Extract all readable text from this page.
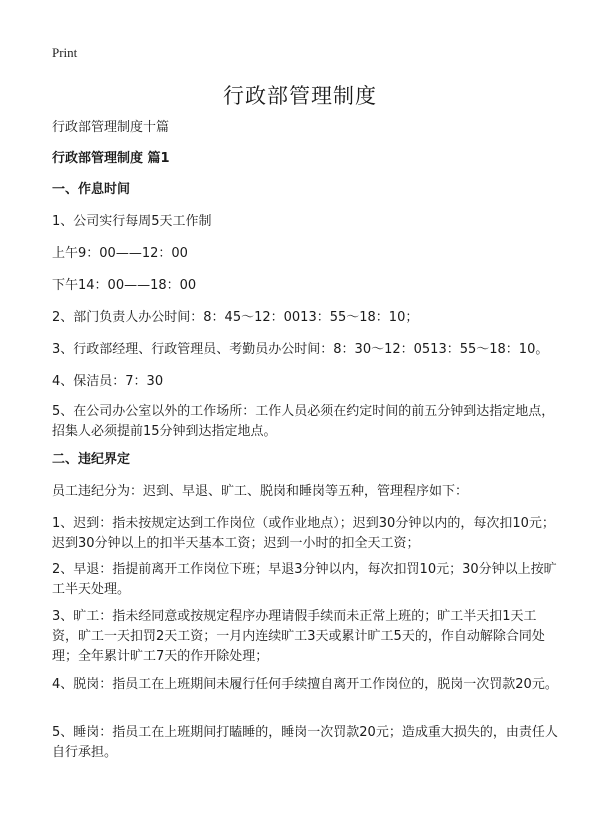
Print
行政部管理制度

行政部管理制度十篇

行政部管理制度 篇1

一、作息时间

1、公司实行每周5天工作制

上午9：00——12：00

下午14：00——18：00

2、部门负责人办公时间：8：45～12：0013：55～18：10；

3、行政部经理、行政管理员、考勤员办公时间：8：30～12：0513：55～18：10。

4、保洁员：7：30

5、在公司办公室以外的工作场所：工作人员必须在约定时间的前五分钟到达指定地点，招集人必须提前15分钟到达指定地点。

二、违纪界定

员工违纪分为：迟到、早退、旷工、脱岗和睡岗等五种，管理程序如下：

1、迟到：指未按规定达到工作岗位（或作业地点）；迟到30分钟以内的，每次扣10元；迟到30分钟以上的扣半天基本工资；迟到一小时的扣全天工资；

2、早退：指提前离开工作岗位下班；早退3分钟以内，每次扣罚10元；30分钟以上按旷工半天处理。

3、旷工：指未经同意或按规定程序办理请假手续而未正常上班的；旷工半天扣1天工资，旷工一天扣罚2天工资；一月内连续旷工3天或累计旷工5天的，作自动解除合同处理；全年累计旷工7天的作开除处理；

4、脱岗：指员工在上班期间未履行任何手续擅自离开工作岗位的，脱岗一次罚款20元。

5、睡岗：指员工在上班期间打瞌睡的，睡岗一次罚款20元；造成重大损失的，由责任人自行承担。
